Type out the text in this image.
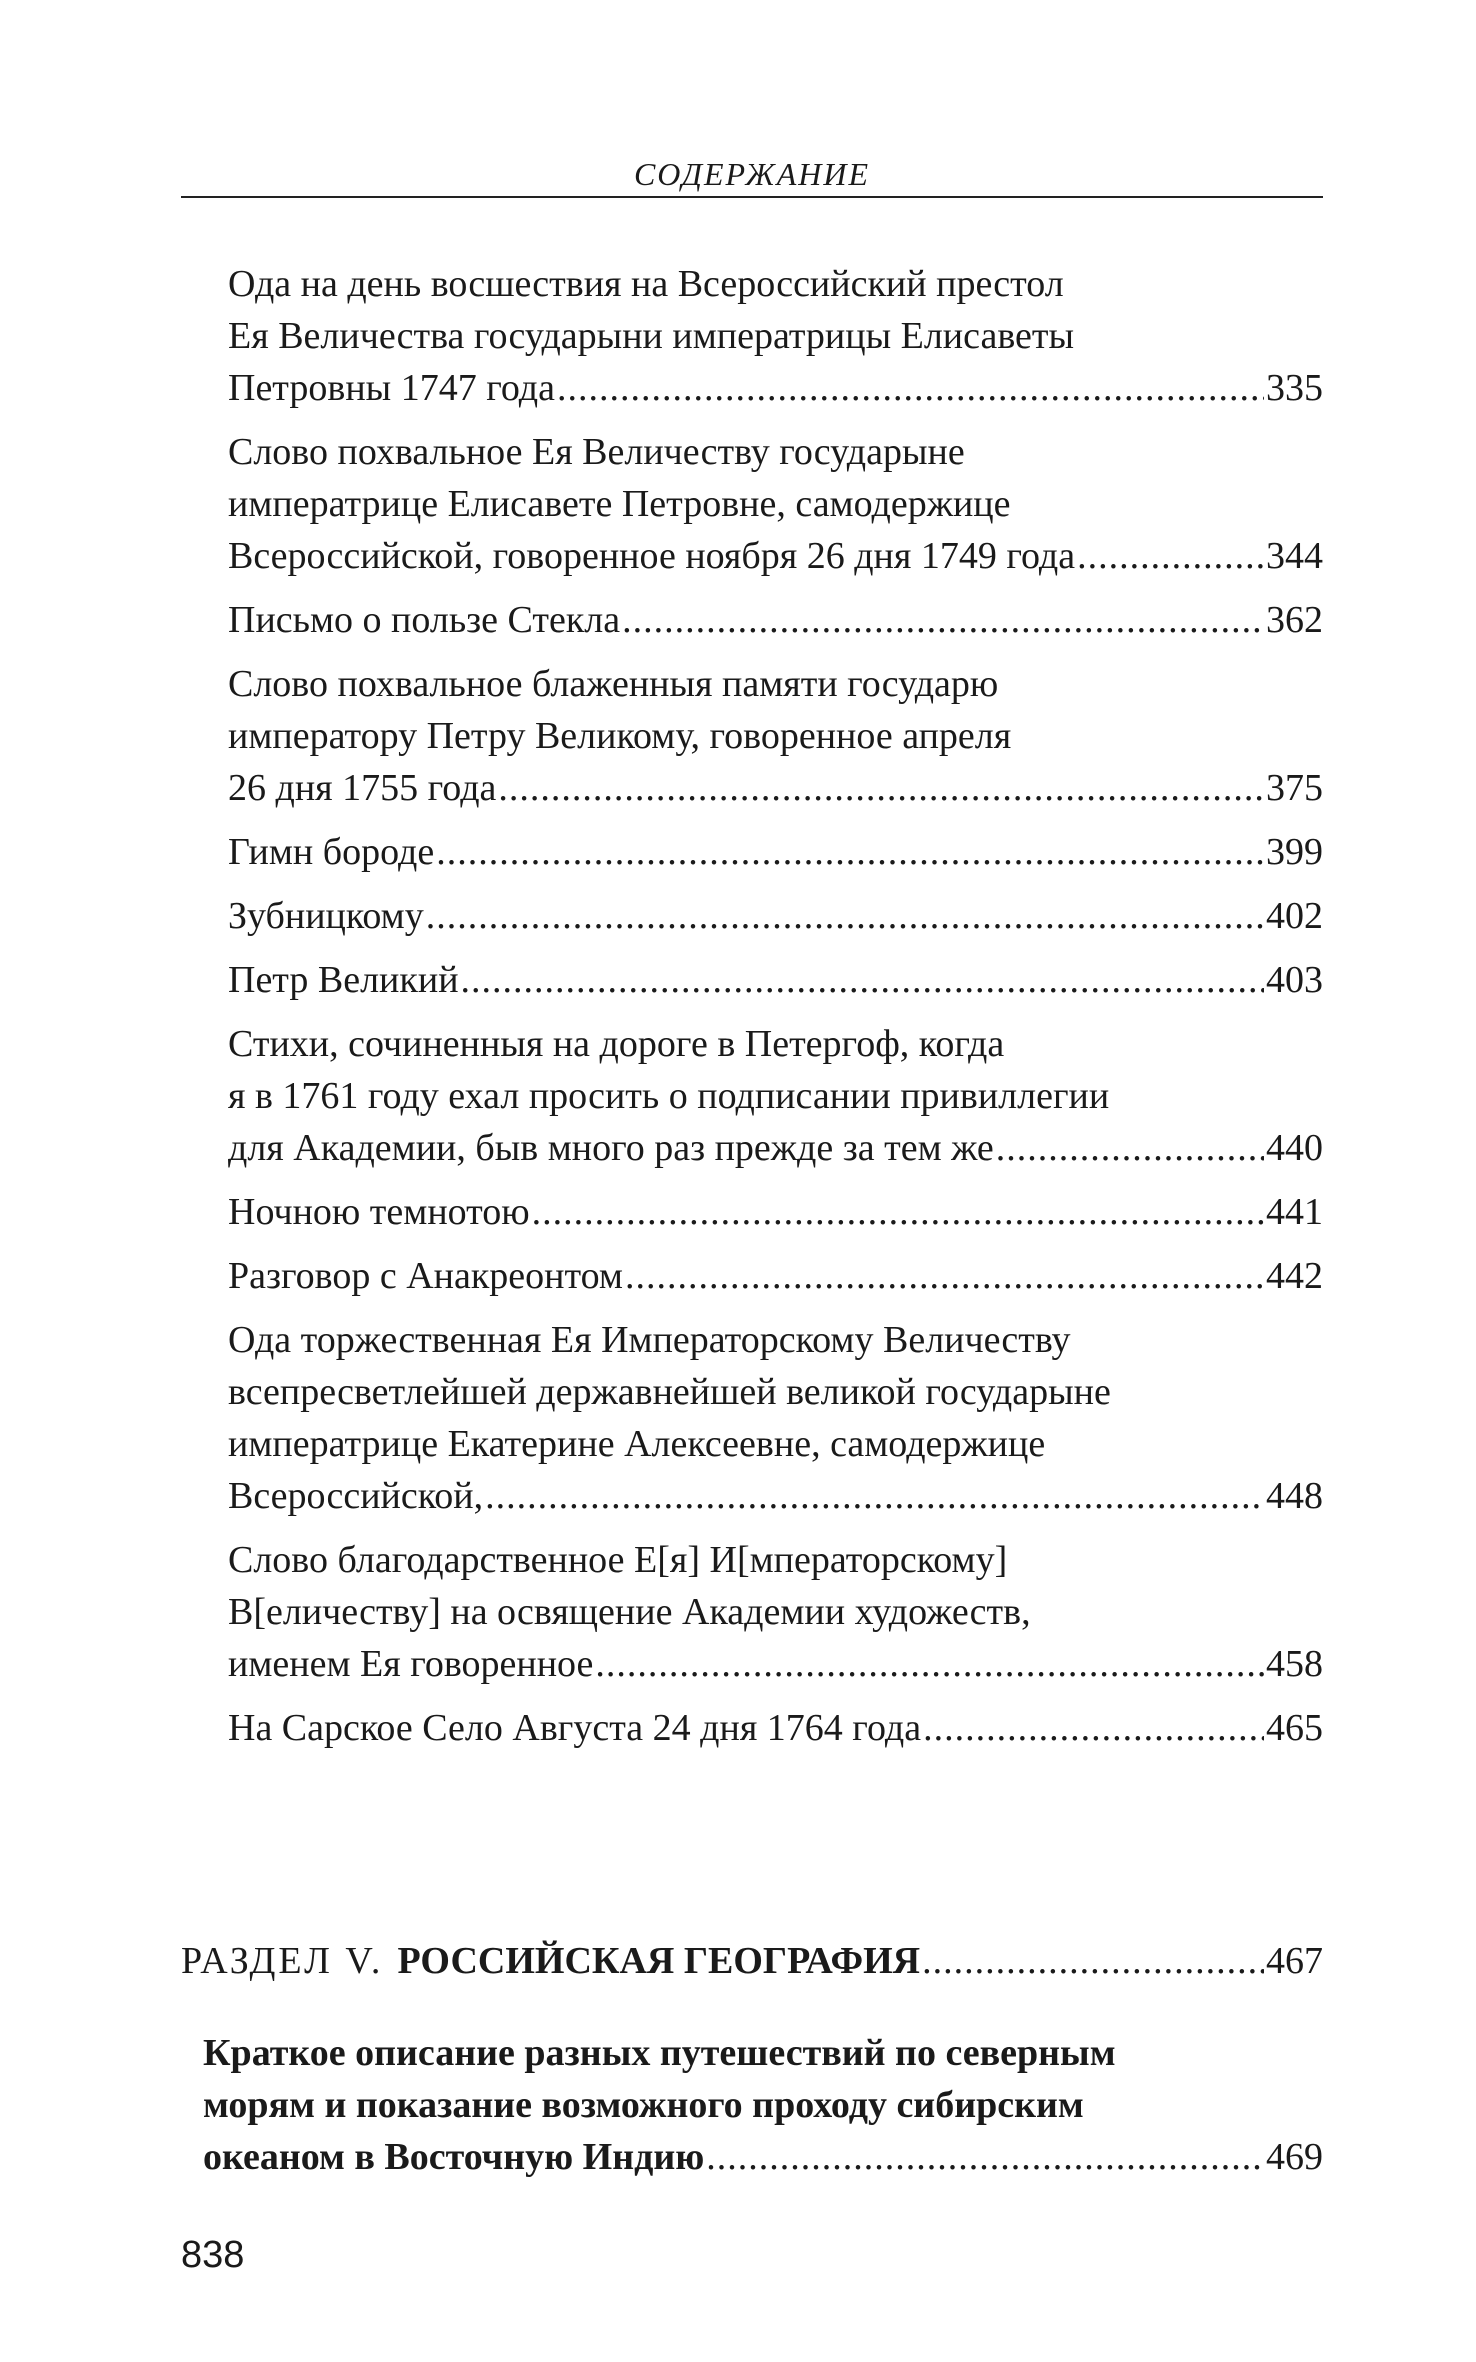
СОДЕРЖАНИЕ
Ода на день восшествия на Всероссийский престол
Ея Величества государыни императрицы Елисаветы
Петровны 1747 года .....	335
Слово похвальное Ея Величеству государыне
императрице Елисавете Петровне, самодержице
Всероссийской, говоренное ноября 26 дня 1749 года .....	344
Письмо о пользе Стекла .....	362
Слово похвальное блаженныя памяти государю
императору Петру Великому, говоренное апреля
26 дня 1755 года .....	375
Гимн бороде .....	399
Зубницкому .....	402
Петр Великий .....	403
Стихи, сочиненныя на дороге в Петергоф, когда
я в 1761 году ехал просить о подписании привиллегии
для Академии, быв много раз прежде за тем же .....	440
Ночною темнотою .....	441
Разговор с Анакреонтом .....	442
Ода торжественная Ея Императорскому Величеству
всепресветлейшей державнейшей великой государыне
императрице Екатерине Алексеевне, самодержице
Всероссийской, .....	448
Слово благодарственное Е[я] И[мператорскому]
В[еличеству] на освящение Академии художеств,
именем Ея говоренное .....	458
На Сарское Село Августа 24 дня 1764 года .....	465
РАЗДЕЛ V. РОССИЙСКАЯ ГЕОГРАФИЯ .....	467
Краткое описание разных путешествий по северным
морям и показание возможного проходу сибирским
океаном в Восточную Индию .....	469
838
